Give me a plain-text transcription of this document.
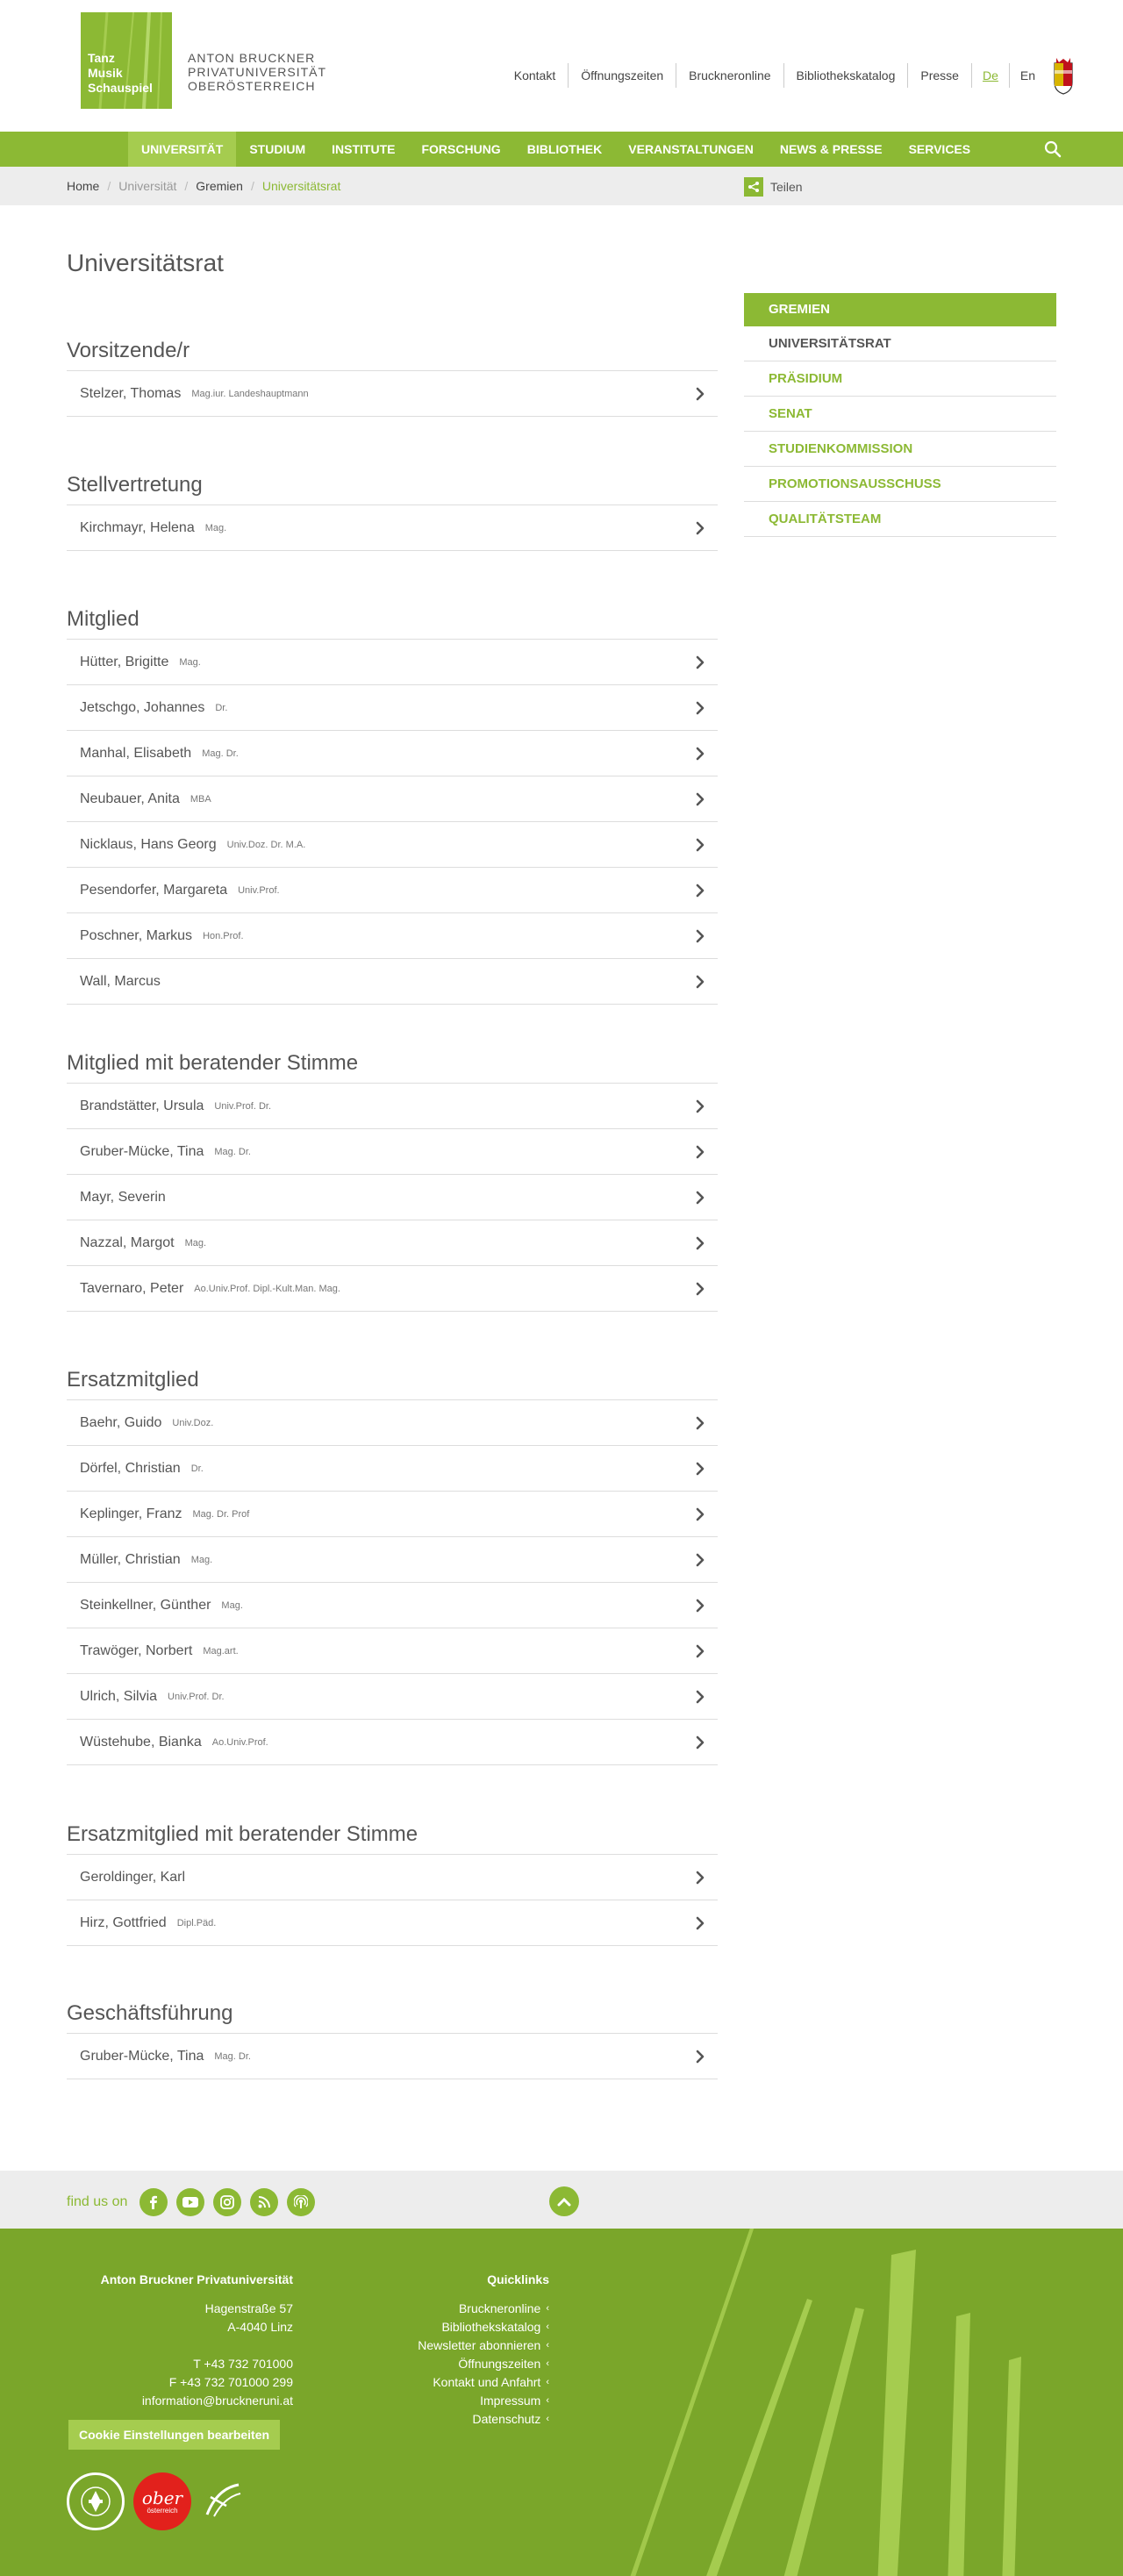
Tanz
Musik
Schauspiel
ANTON BRUCKNER
PRIVATUNIVERSITÄT
OBERÖSTERREICH
Kontakt	Öffnungszeiten	Bruckneronline	Bibliothekskatalog	Presse	De	En
UNIVERSITÄT	STUDIUM	INSTITUTE	FORSCHUNG	BIBLIOTHEK	VERANSTALTUNGEN	NEWS & PRESSE	SERVICES
Home / Universität / Gremien / Universitätsrat	Teilen
Universitätsrat
Vorsitzende/r
Stelzer, Thomas Mag.iur. Landeshauptmann
Stellvertretung
Kirchmayr, Helena Mag.
Mitglied
Hütter, Brigitte Mag.
Jetschgo, Johannes Dr.
Manhal, Elisabeth Mag. Dr.
Neubauer, Anita MBA
Nicklaus, Hans Georg Univ.Doz. Dr. M.A.
Pesendorfer, Margareta Univ.Prof.
Poschner, Markus Hon.Prof.
Wall, Marcus
Mitglied mit beratender Stimme
Brandstätter, Ursula Univ.Prof. Dr.
Gruber-Mücke, Tina Mag. Dr.
Mayr, Severin
Nazzal, Margot Mag.
Tavernaro, Peter Ao.Univ.Prof. Dipl.-Kult.Man. Mag.
Ersatzmitglied
Baehr, Guido Univ.Doz.
Dörfel, Christian Dr.
Keplinger, Franz Mag. Dr. Prof
Müller, Christian Mag.
Steinkellner, Günther Mag.
Trawöger, Norbert Mag.art.
Ulrich, Silvia Univ.Prof. Dr.
Wüstehube, Bianka Ao.Univ.Prof.
Ersatzmitglied mit beratender Stimme
Geroldinger, Karl
Hirz, Gottfried Dipl.Päd.
Geschäftsführung
Gruber-Mücke, Tina Mag. Dr.
GREMIEN
UNIVERSITÄTSRAT
PRÄSIDIUM
SENAT
STUDIENKOMMISSION
PROMOTIONSAUSSCHUSS
QUALITÄTSTEAM
find us on
Anton Bruckner Privatuniversität
Hagenstraße 57
A-4040 Linz
T +43 732 701000
F +43 732 701000 299
information@bruckneruni.at
Cookie Einstellungen bearbeiten
Quicklinks
Bruckneronline ‹
Bibliothekskatalog ‹
Newsletter abonnieren ‹
Öffnungszeiten ‹
Kontakt und Anfahrt ‹
Impressum ‹
Datenschutz ‹
ober
österreich
